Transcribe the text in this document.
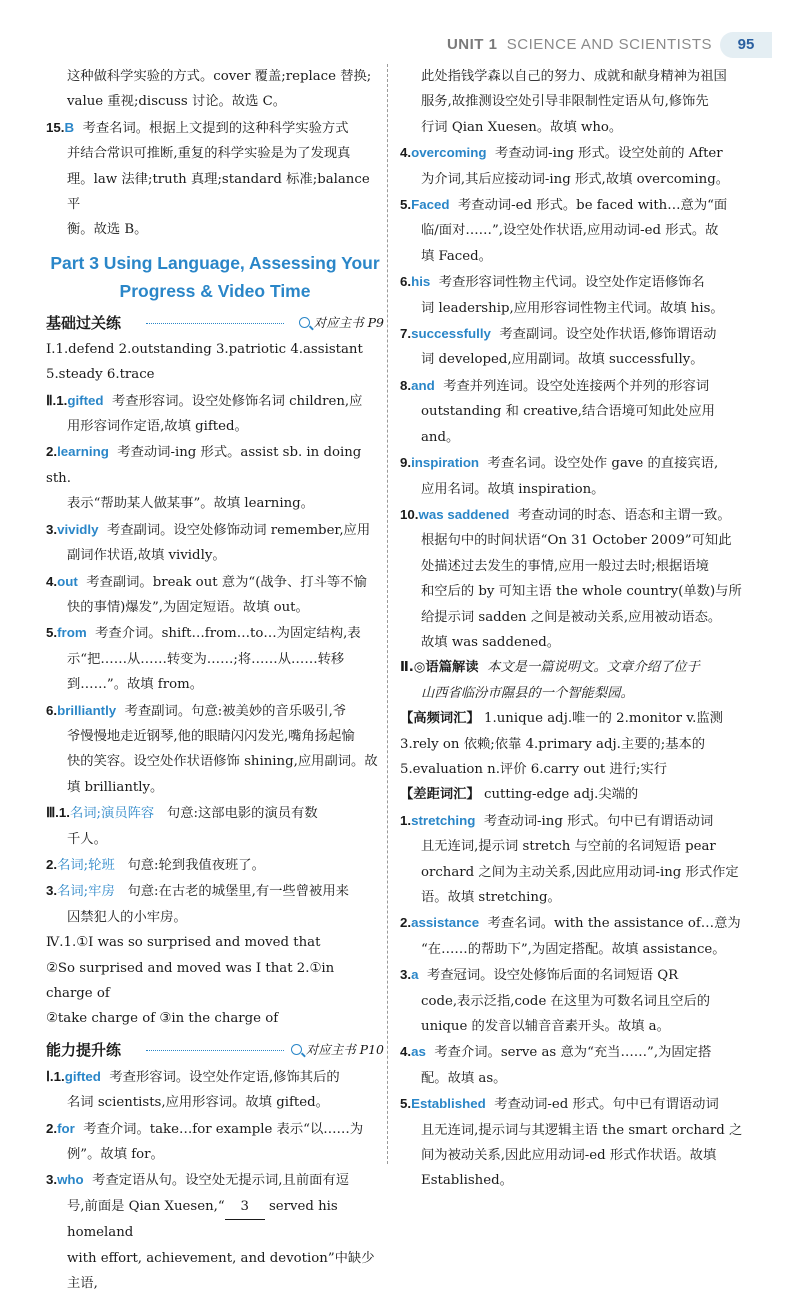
UNIT 1 SCIENCE AND SCIENTISTS	95

这种做科学实验的方式。cover 覆盖;replace 替换;

value 重视;discuss 讨论。故选 C。

15.B 考查名词。根据上文提到的这种科学实验方式

并结合常识可推断,重复的科学实验是为了发现真

理。law 法律;truth 真理;standard 标准;balance 平

衡。故选 B。

Part 3 Using Language, Assessing Your
Progress & Video Time
基础过关练	对应主书 P9

Ⅰ.1.defend 2.outstanding 3.patriotic 4.assistant

5.steady 6.trace

Ⅱ.1.gifted 考查形容词。设空处修饰名词 children,应

用形容词作定语,故填 gifted。

2.learning 考查动词-ing 形式。assist sb. in doing sth.

表示“帮助某人做某事”。故填 learning。

3.vividly 考查副词。设空处修饰动词 remember,应用

副词作状语,故填 vividly。

4.out 考查副词。break out 意为“(战争、打斗等不愉

快的事情)爆发”,为固定短语。故填 out。

5.from 考查介词。shift…from…to…为固定结构,表

示“把……从……转变为……;将……从……转移

到……”。故填 from。

6.brilliantly 考查副词。句意:被美妙的音乐吸引,爷

爷慢慢地走近钢琴,他的眼睛闪闪发光,嘴角扬起愉

快的笑容。设空处作状语修饰 shining,应用副词。故

填 brilliantly。

Ⅲ.1.名词;演员阵容 句意:这部电影的演员有数

千人。

2.名词;轮班 句意:轮到我值夜班了。

3.名词;牢房 句意:在古老的城堡里,有一些曾被用来

囚禁犯人的小牢房。

Ⅳ.1.①I was so surprised and moved that

②So surprised and moved was I that 2.①in charge of

②take charge of ③in the charge of

能力提升练	对应主书 P10

Ⅰ.1.gifted 考查形容词。设空处作定语,修饰其后的

名词 scientists,应用形容词。故填 gifted。

2.for 考查介词。take…for example 表示“以……为

例”。故填 for。

3.who 考查定语从句。设空处无提示词,且前面有逗

号,前面是 Qian Xuesen,“ 3 served his homeland

with effort, achievement, and devotion”中缺少主语,

此处指钱学森以自己的努力、成就和献身精神为祖国

服务,故推测设空处引导非限制性定语从句,修饰先

行词 Qian Xuesen。故填 who。

4.overcoming 考查动词-ing 形式。设空处前的 After

为介词,其后应接动词-ing 形式,故填 overcoming。

5.Faced 考查动词-ed 形式。be faced with…意为“面

临/面对……”,设空处作状语,应用动词-ed 形式。故

填 Faced。

6.his 考查形容词性物主代词。设空处作定语修饰名

词 leadership,应用形容词性物主代词。故填 his。

7.successfully 考查副词。设空处作状语,修饰谓语动

词 developed,应用副词。故填 successfully。

8.and 考查并列连词。设空处连接两个并列的形容词

outstanding 和 creative,结合语境可知此处应用 and。

9.inspiration 考查名词。设空处作 gave 的直接宾语,

应用名词。故填 inspiration。

10.was saddened 考查动词的时态、语态和主谓一致。

根据句中的时间状语“On 31 October 2009”可知此

处描述过去发生的事情,应用一般过去时;根据语境

和空后的 by 可知主语 the whole country(单数)与所

给提示词 sadden 之间是被动关系,应用被动语态。

故填 was saddened。

Ⅱ.◎语篇解读 本文是一篇说明文。文章介绍了位于

山西省临汾市隰县的一个智能梨园。

【高频词汇】 1.unique adj.唯一的 2.monitor v.监测

3.rely on 依赖;依靠 4.primary adj.主要的;基本的

5.evaluation n.评价 6.carry out 进行;实行

【差距词汇】 cutting-edge adj.尖端的

1.stretching 考查动词-ing 形式。句中已有谓语动词

且无连词,提示词 stretch 与空前的名词短语 pear

orchard 之间为主动关系,因此应用动词-ing 形式作定

语。故填 stretching。

2.assistance 考查名词。with the assistance of…意为

“在……的帮助下”,为固定搭配。故填 assistance。

3.a 考查冠词。设空处修饰后面的名词短语 QR

code,表示泛指,code 在这里为可数名词且空后的

unique 的发音以辅音音素开头。故填 a。

4.as 考查介词。serve as 意为“充当……”,为固定搭

配。故填 as。

5.Established 考查动词-ed 形式。句中已有谓语动词

且无连词,提示词与其逻辑主语 the smart orchard 之

间为被动关系,因此应用动词-ed 形式作状语。故填

Established。
